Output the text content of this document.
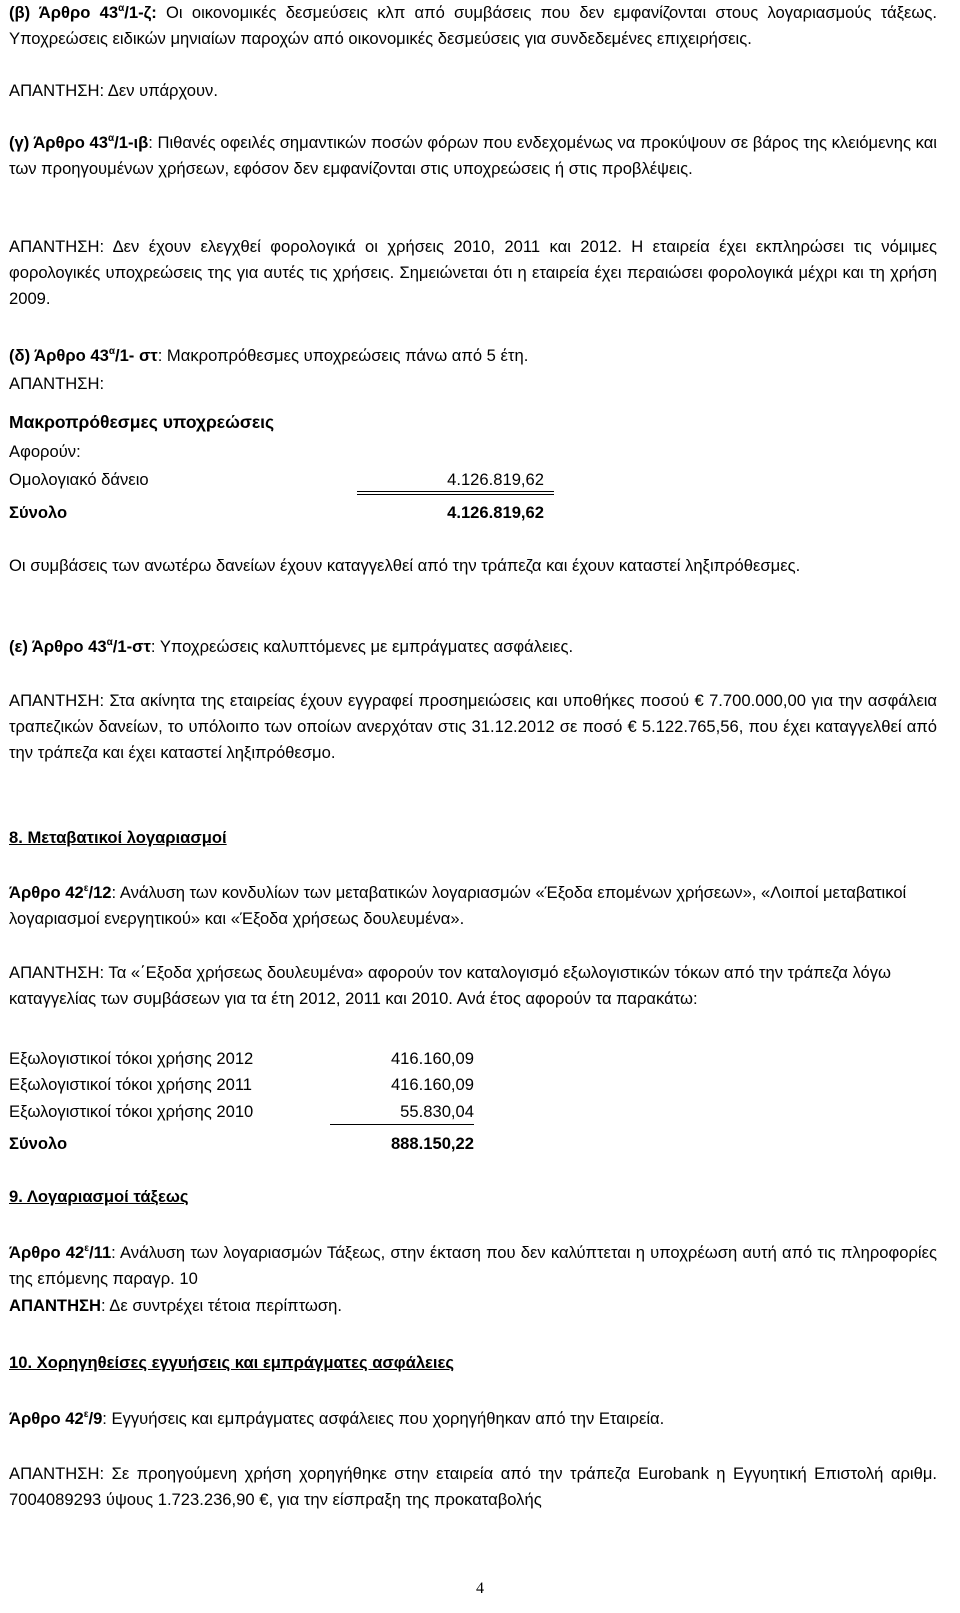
(β) Άρθρο $43^\alpha/1-\zeta$: Οι οικονομικές δεσμεύσεις κλπ από συμβάσεις που δεν εμφανίζονται στους λογαριασμούς τάξεως. Υποχρεώσεις ειδικών μηνιαίων παροχών από οικονομικές δεσμεύσεις για συνδεδεμένες επιχειρήσεις.

ΑΠΑΝΤΗΣΗ: Δεν υπάρχουν.

(γ) Άρθρο $43^\alpha/1-\iota\beta$: Πιθανές οφειλές σημαντικών ποσών φόρων που ενδεχομένως να προκύψουν σε βάρος της κλειόμενης και των προηγουμένων χρήσεων, εφόσον δεν εμφανίζονται στις υποχρεώσεις ή στις προβλέψεις.

ΑΠΑΝΤΗΣΗ: Δεν έχουν ελεγχθεί φορολογικά οι χρήσεις 2010, 2011 και 2012. Η εταιρεία έχει εκπληρώσει τις νόμιμες φορολογικές υποχρεώσεις της για αυτές τις χρήσεις. Σημειώνεται ότι η εταιρεία έχει περαιώσει φορολογικά μέχρι και τη χρήση 2009.

(δ) Άρθρο $43^\alpha/1-$ στ: Μακροπρόθεσμες υποχρεώσεις πάνω από 5 έτη.

ΑΠΑΝΤΗΣΗ:

Μακροπρόθεσμες υποχρεώσεις
Αφορούν:
Ομολογιακό δάνειο	4.126.819,62
Σύνολο	4.126.819,62

Οι συμβάσεις των ανωτέρω δανείων έχουν καταγγελθεί από την τράπεζα και έχουν καταστεί ληξιπρόθεσμες.

(ε) Άρθρο $43^\alpha/1-\sigma\tau$: Υποχρεώσεις καλυπτόμενες με εμπράγματες ασφάλειες.

ΑΠΑΝΤΗΣΗ: Στα ακίνητα της εταιρείας έχουν εγγραφεί προσημειώσεις και υποθήκες ποσού € 7.700.000,00 για την ασφάλεια τραπεζικών δανείων, το υπόλοιπο των οποίων ανερχόταν στις 31.12.2012 σε ποσό € 5.122.765,56, που έχει καταγγελθεί από την τράπεζα και έχει καταστεί ληξιπρόθεσμο.

8. Μεταβατικοί λογαριασμοί

Άρθρο $42^\varepsilon/12$: Ανάλυση των κονδυλίων των μεταβατικών λογαριασμών «Έξοδα επομένων χρήσεων», «Λοιποί μεταβατικοί λογαριασμοί ενεργητικού» και «Έξοδα χρήσεως δουλευμένα».

ΑΠΑΝΤΗΣΗ: Τα «΄Εξοδα χρήσεως δουλευμένα» αφορούν τον καταλογισμό εξωλογιστικών τόκων από την τράπεζα λόγω καταγγελίας των συμβάσεων για τα έτη 2012, 2011 και 2010. Ανά έτος αφορούν τα παρακάτω:

Εξωλογιστικοί τόκοι χρήσης 2012	416.160,09
Εξωλογιστικοί τόκοι χρήσης 2011	416.160,09
Εξωλογιστικοί τόκοι χρήσης 2010	55.830,04
Σύνολο	888.150,22
9. Λογαριασμοί τάξεως

Άρθρο $42^\varepsilon/11$: Ανάλυση των λογαριασμών Τάξεως, στην έκταση που δεν καλύπτεται η υποχρέωση αυτή από τις πληροφορίες της επόμενης παραγρ. 10

ΑΠΑΝΤΗΣΗ: Δε συντρέχει τέτοια περίπτωση.

10. Χορηγηθείσες εγγυήσεις και εμπράγματες ασφάλειες

Άρθρο $42^\varepsilon/9$: Εγγυήσεις και εμπράγματες ασφάλειες που χορηγήθηκαν από την Εταιρεία.

ΑΠΑΝΤΗΣΗ: Σε προηγούμενη χρήση χορηγήθηκε στην εταιρεία από την τράπεζα Eurobank η Εγγυητική Επιστολή αριθμ. 7004089293 ύψους 1.723.236,90 €, για την είσπραξη της προκαταβολής

4
